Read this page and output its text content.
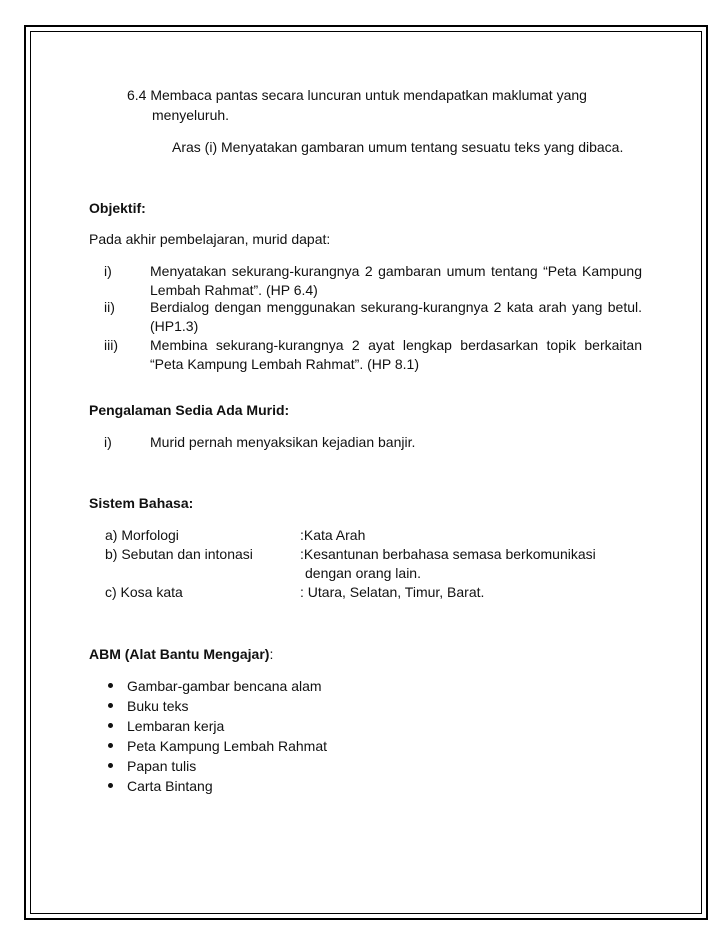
6.4 Membaca pantas secara luncuran untuk mendapatkan maklumat yang
menyeluruh.
Aras (i) Menyatakan gambaran umum tentang sesuatu teks yang dibaca.
Objektif:
Pada akhir pembelajaran, murid dapat:
i)	Menyatakan sekurang-kurangnya 2 gambaran umum tentang “Peta Kampung
Lembah Rahmat”. (HP 6.4)
ii)	Berdialog dengan menggunakan sekurang-kurangnya 2 kata arah yang betul.
(HP1.3)
iii) Membina sekurang-kurangnya 2 ayat lengkap berdasarkan topik berkaitan
“Peta Kampung Lembah Rahmat”. (HP 8.1)
Pengalaman Sedia Ada Murid:
i)	Murid pernah menyaksikan kejadian banjir.
Sistem Bahasa:
a) Morfologi	:Kata Arah
b) Sebutan dan intonasi	:Kesantunan berbahasa semasa berkomunikasi
dengan orang lain.
c) Kosa kata	: Utara, Selatan, Timur, Barat.
ABM (Alat Bantu Mengajar):
Gambar-gambar bencana alam
Buku teks
Lembaran kerja
Peta Kampung Lembah Rahmat
Papan tulis
Carta Bintang
